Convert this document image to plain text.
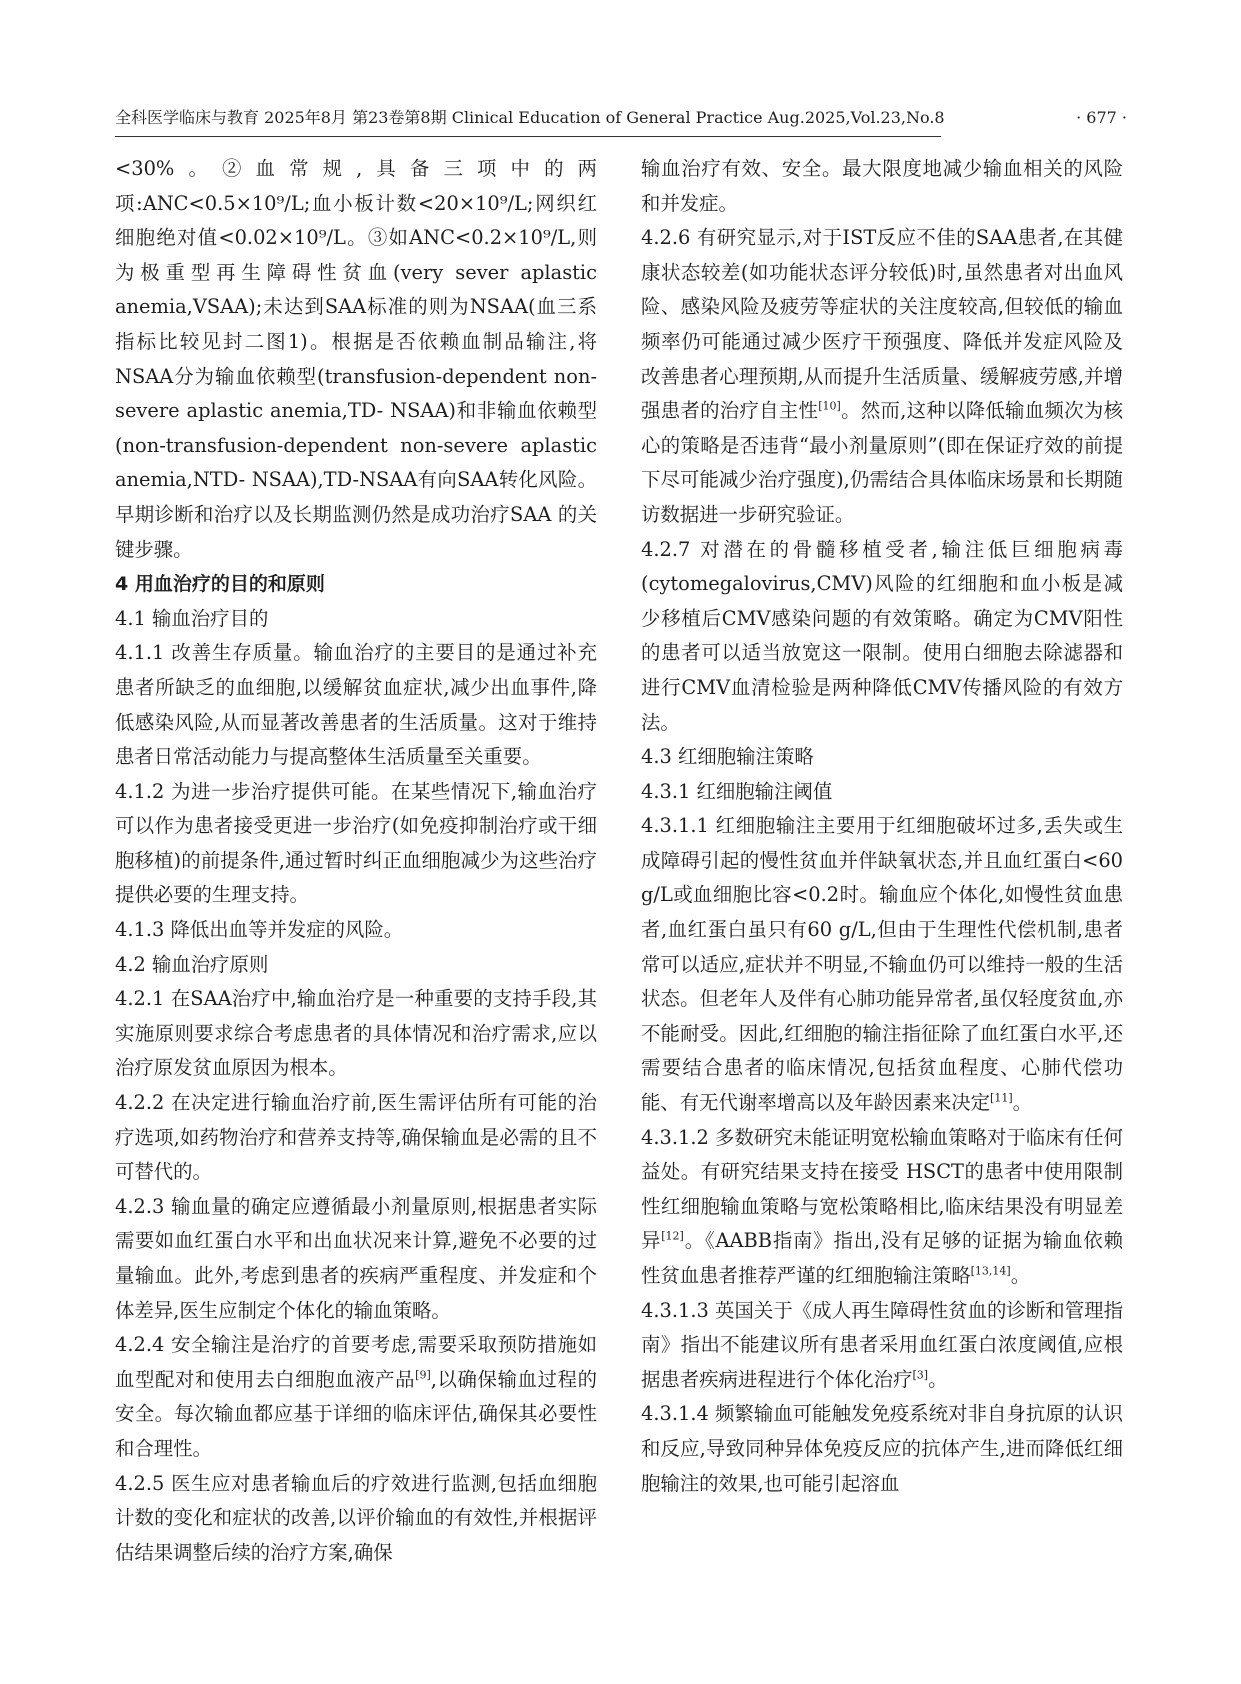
全科医学临床与教育 2025年8月 第23卷第8期 Clinical Education of General Practice Aug.2025,Vol.23,No.8	· 677 ·

<30%。②血常规,具备三项中的两项:ANC<0.5×10⁹/L;血小板计数<20×10⁹/L;网织红细胞绝对值<0.02×10⁹/L。③如ANC<0.2×10⁹/L,则为极重型再生障碍性贫血(very sever aplastic anemia,VSAA);未达到SAA标准的则为NSAA(血三系指标比较见封二图1)。根据是否依赖血制品输注,将NSAA分为输血依赖型(transfusion-dependent non-severe aplastic anemia,TD- NSAA)和非输血依赖型(non-transfusion-dependent non-severe aplastic anemia,NTD- NSAA),TD-NSAA有向SAA转化风险。早期诊断和治疗以及长期监测仍然是成功治疗SAA 的关键步骤。

4 用血治疗的目的和原则

4.1 输血治疗目的

4.1.1 改善生存质量。输血治疗的主要目的是通过补充患者所缺乏的血细胞,以缓解贫血症状,减少出血事件,降低感染风险,从而显著改善患者的生活质量。这对于维持患者日常活动能力与提高整体生活质量至关重要。

4.1.2 为进一步治疗提供可能。在某些情况下,输血治疗可以作为患者接受更进一步治疗(如免疫抑制治疗或干细胞移植)的前提条件,通过暂时纠正血细胞减少为这些治疗提供必要的生理支持。

4.1.3 降低出血等并发症的风险。

4.2 输血治疗原则

4.2.1 在SAA治疗中,输血治疗是一种重要的支持手段,其实施原则要求综合考虑患者的具体情况和治疗需求,应以治疗原发贫血原因为根本。

4.2.2 在决定进行输血治疗前,医生需评估所有可能的治疗选项,如药物治疗和营养支持等,确保输血是必需的且不可替代的。

4.2.3 输血量的确定应遵循最小剂量原则,根据患者实际需要如血红蛋白水平和出血状况来计算,避免不必要的过量输血。此外,考虑到患者的疾病严重程度、并发症和个体差异,医生应制定个体化的输血策略。

4.2.4 安全输注是治疗的首要考虑,需要采取预防措施如血型配对和使用去白细胞血液产品[9],以确保输血过程的安全。每次输血都应基于详细的临床评估,确保其必要性和合理性。

4.2.5 医生应对患者输血后的疗效进行监测,包括血细胞计数的变化和症状的改善,以评价输血的有效性,并根据评估结果调整后续的治疗方案,确保

输血治疗有效、安全。最大限度地减少输血相关的风险和并发症。

4.2.6 有研究显示,对于IST反应不佳的SAA患者,在其健康状态较差(如功能状态评分较低)时,虽然患者对出血风险、感染风险及疲劳等症状的关注度较高,但较低的输血频率仍可能通过减少医疗干预强度、降低并发症风险及改善患者心理预期,从而提升生活质量、缓解疲劳感,并增强患者的治疗自主性[10]。然而,这种以降低输血频次为核心的策略是否违背“最小剂量原则”(即在保证疗效的前提下尽可能减少治疗强度),仍需结合具体临床场景和长期随访数据进一步研究验证。

4.2.7 对潜在的骨髓移植受者,输注低巨细胞病毒(cytomegalovirus,CMV)风险的红细胞和血小板是减少移植后CMV感染问题的有效策略。确定为CMV阳性的患者可以适当放宽这一限制。使用白细胞去除滤器和进行CMV血清检验是两种降低CMV传播风险的有效方法。

4.3 红细胞输注策略

4.3.1 红细胞输注阈值

4.3.1.1 红细胞输注主要用于红细胞破坏过多,丢失或生成障碍引起的慢性贫血并伴缺氧状态,并且血红蛋白<60 g/L或血细胞比容<0.2时。输血应个体化,如慢性贫血患者,血红蛋白虽只有60 g/L,但由于生理性代偿机制,患者常可以适应,症状并不明显,不输血仍可以维持一般的生活状态。但老年人及伴有心肺功能异常者,虽仅轻度贫血,亦不能耐受。因此,红细胞的输注指征除了血红蛋白水平,还需要结合患者的临床情况,包括贫血程度、心肺代偿功能、有无代谢率增高以及年龄因素来决定[11]。

4.3.1.2 多数研究未能证明宽松输血策略对于临床有任何益处。有研究结果支持在接受 HSCT的患者中使用限制性红细胞输血策略与宽松策略相比,临床结果没有明显差异[12]。《AABB指南》指出,没有足够的证据为输血依赖性贫血患者推荐严谨的红细胞输注策略[13,14]。

4.3.1.3 英国关于《成人再生障碍性贫血的诊断和管理指南》指出不能建议所有患者采用血红蛋白浓度阈值,应根据患者疾病进程进行个体化治疗[3]。

4.3.1.4 频繁输血可能触发免疫系统对非自身抗原的认识和反应,导致同种异体免疫反应的抗体产生,进而降低红细胞输注的效果,也可能引起溶血
